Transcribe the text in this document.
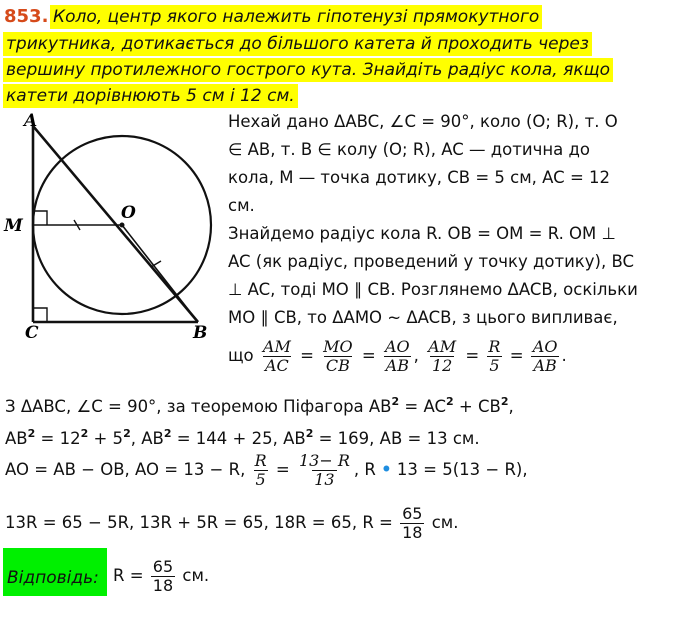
853. Коло, центр якого належить гіпотенузі прямокутного
трикутника, дотикається до більшого катета й проходить через
вершину протилежного гострого кута. Знайдіть радіус кола, якщо
катети дорівнюють 5 см і 12 см.
A
M
O
C	B
Нехай дано ΔABC, ∠C = 90°, коло (O; R), т. O
∈ AB, т. B ∈ колу (O; R), AC — дотична до
кола, M — точка дотику, CB = 5 см, AC = 12
см.
Знайдемо радіус кола R. OB = OM = R. OM ⊥
AC (як радіус, проведений у точку дотику), BC
⊥ AC, тоді MO ∥ CB. Розглянемо ΔACB, оскільки
MO ∥ CB, то ΔAMO ~ ΔACB, з цього випливає,
що $\frac{AM}{AC} = \frac{MO}{CB} = \frac{AO}{AB}$ , $\frac{AM}{12} = \frac{R}{5} = \frac{AO}{AB}$ .
З ΔABC, ∠C = 90°, за теоремою Піфагора $AB^2 = AC^2 + CB^2$,
$AB^2 = 12^2 + 5^2$, $AB^2 = 144 + 25$, $AB^2 = 169$, AB = 13 см.
AO = AB − OB, AO = 13 − R, $\frac{R}{5} = \frac{13- R}{13}$ , R • 13 = 5(13 − R),
13R = 65 − 5R, 13R + 5R = 65, 18R = 65, $R = \frac{65}{18}$ см.
Відповідь: $R = \frac{65}{18}$ см.
